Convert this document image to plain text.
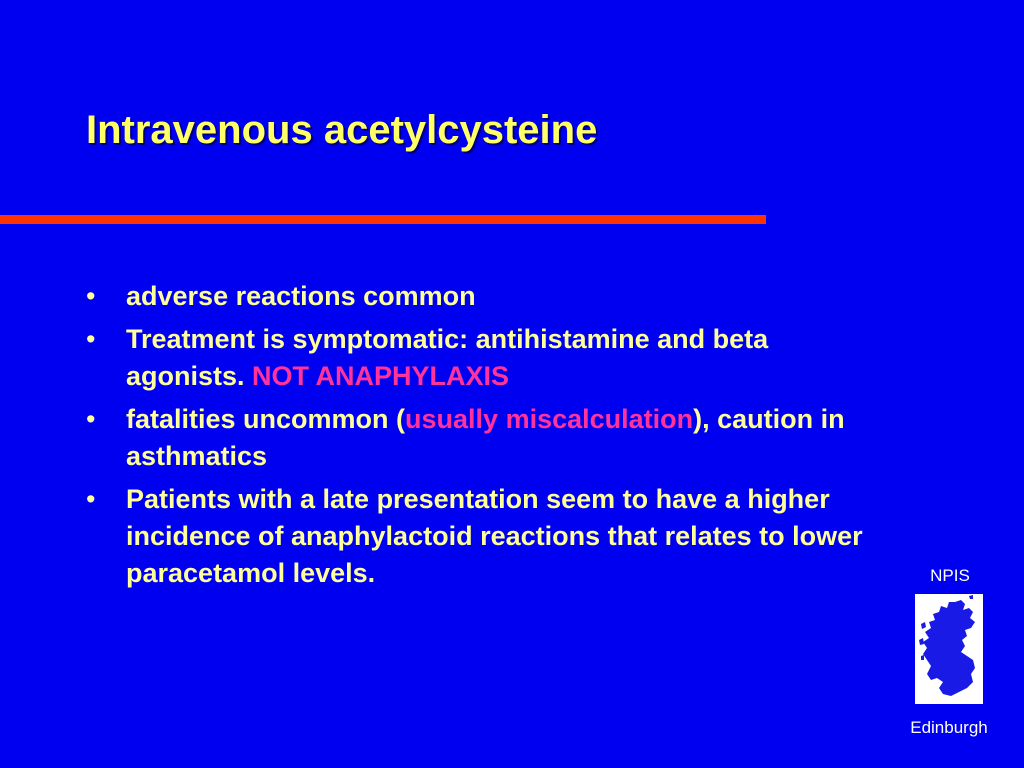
Intravenous acetylcysteine
• adverse reactions common
• Treatment is symptomatic: antihistamine and beta agonists. NOT ANAPHYLAXIS
• fatalities uncommon (usually miscalculation), caution in asthmatics
• Patients with a late presentation seem to have a higher incidence of anaphylactoid reactions that relates to lower paracetamol levels.	NPIS
Edinburgh
